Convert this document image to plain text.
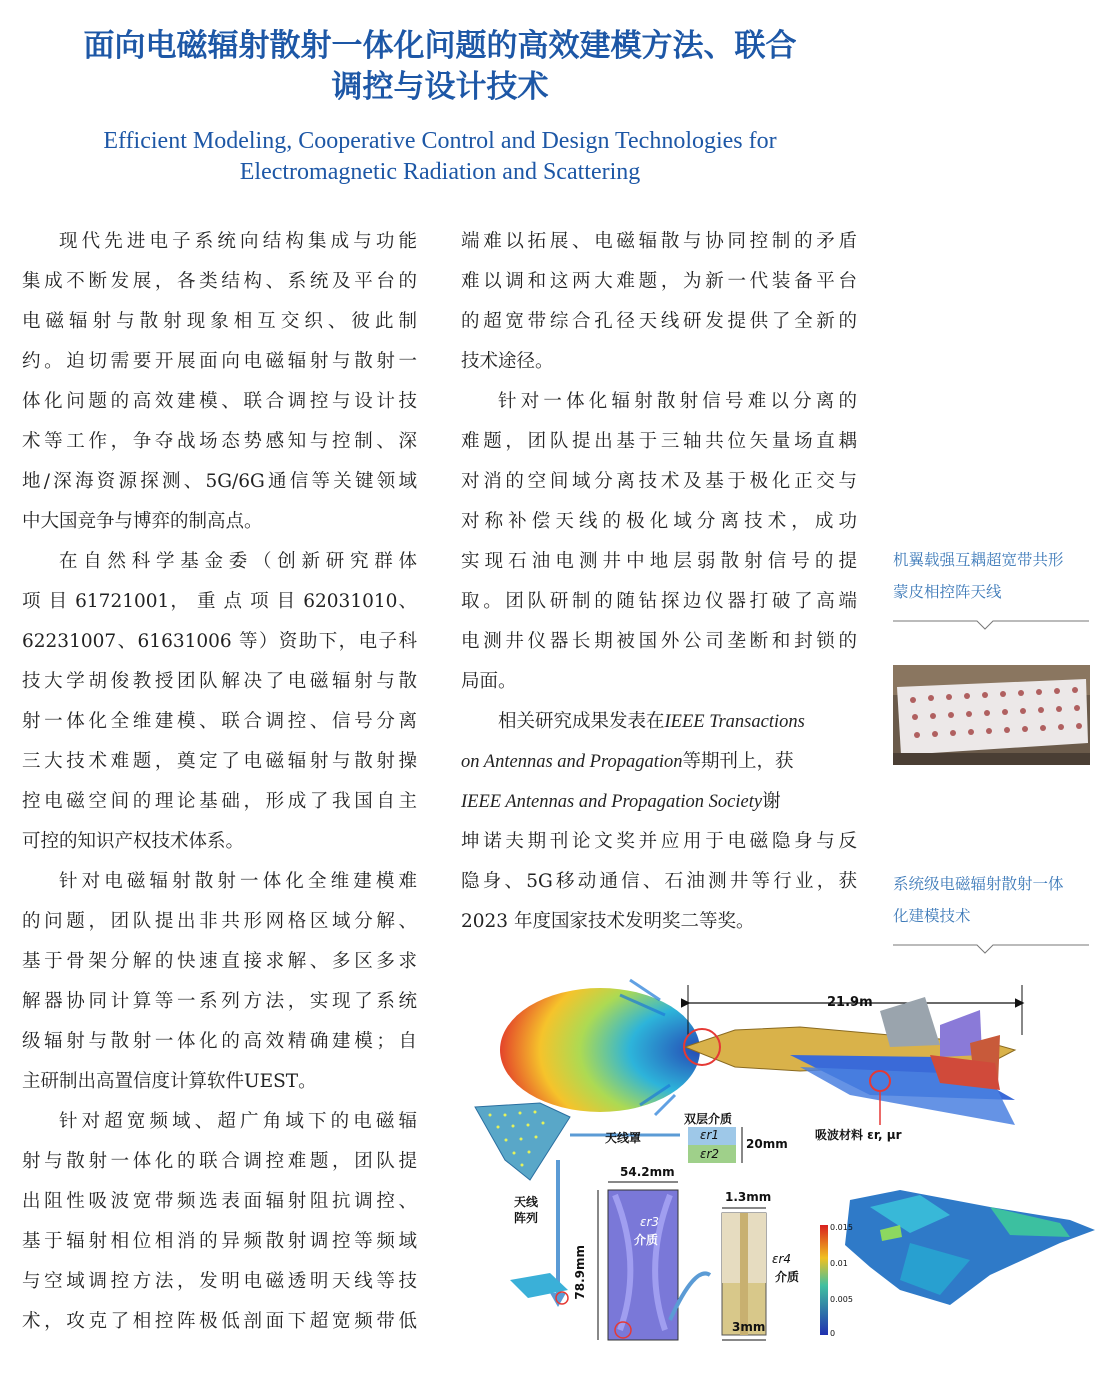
面向电磁辐射散射一体化问题的高效建模方法、联合
调控与设计技术
Efficient Modeling, Cooperative Control and Design Technologies for
Electromagnetic Radiation and Scattering
现代先进电子系统向结构集成与功能
集成不断发展，各类结构、系统及平台的
电磁辐射与散射现象相互交织、彼此制
约。迫切需要开展面向电磁辐射与散射一
体化问题的高效建模、联合调控与设计技
术等工作，争夺战场态势感知与控制、深
地/深海资源探测、5G/6G通信等关键领域
中大国竞争与博弈的制高点。
在自然科学基金委（创新研究群体
项 目 61721001， 重 点 项 目 62031010、
62231007、61631006 等）资助下，电子科
技大学胡俊教授团队解决了电磁辐射与散
射一体化全维建模、联合调控、信号分离
三大技术难题，奠定了电磁辐射与散射操
控电磁空间的理论基础，形成了我国自主
可控的知识产权技术体系。
针对电磁辐射散射一体化全维建模难
的问题，团队提出非共形网格区域分解、
基于骨架分解的快速直接求解、多区多求
解器协同计算等一系列方法，实现了系统
级辐射与散射一体化的高效精确建模；自
主研制出高置信度计算软件UEST。
针对超宽频域、超广角域下的电磁辐
射与散射一体化的联合调控难题，团队提
出阻性吸波宽带频选表面辐射阻抗调控、
基于辐射相位相消的异频散射调控等频域
与空域调控方法，发明电磁透明天线等技
术，攻克了相控阵极低剖面下超宽频带低
端难以拓展、电磁辐散与协同控制的矛盾
难以调和这两大难题，为新一代装备平台
的超宽带综合孔径天线研发提供了全新的
技术途径。
针对一体化辐射散射信号难以分离的
难题，团队提出基于三轴共位矢量场直耦
对消的空间域分离技术及基于极化正交与
对称补偿天线的极化域分离技术，成功
实现石油电测井中地层弱散射信号的提
取。团队研制的随钻探边仪器打破了高端
电测井仪器长期被国外公司垄断和封锁的
局面。
相关研究成果发表在IEEE Transactions
on Antennas and Propagation等期刊上，获
IEEE Antennas and Propagation Society谢
坤诺夫期刊论文奖并应用于电磁隐身与反
隐身、5G移动通信、石油测井等行业，获
2023 年度国家技术发明奖二等奖。
机翼载强互耦超宽带共形
蒙皮相控阵天线
系统级电磁辐射散射一体
化建模技术
21.9m
天线罩
双层介质
εr1
εr2
20mm
吸波材料 εr, μr
天线
阵列
54.2mm
78.9mm
εr3
介质
1.3mm
3mm
εr4
介质
0.015
0.01
0.005
0
